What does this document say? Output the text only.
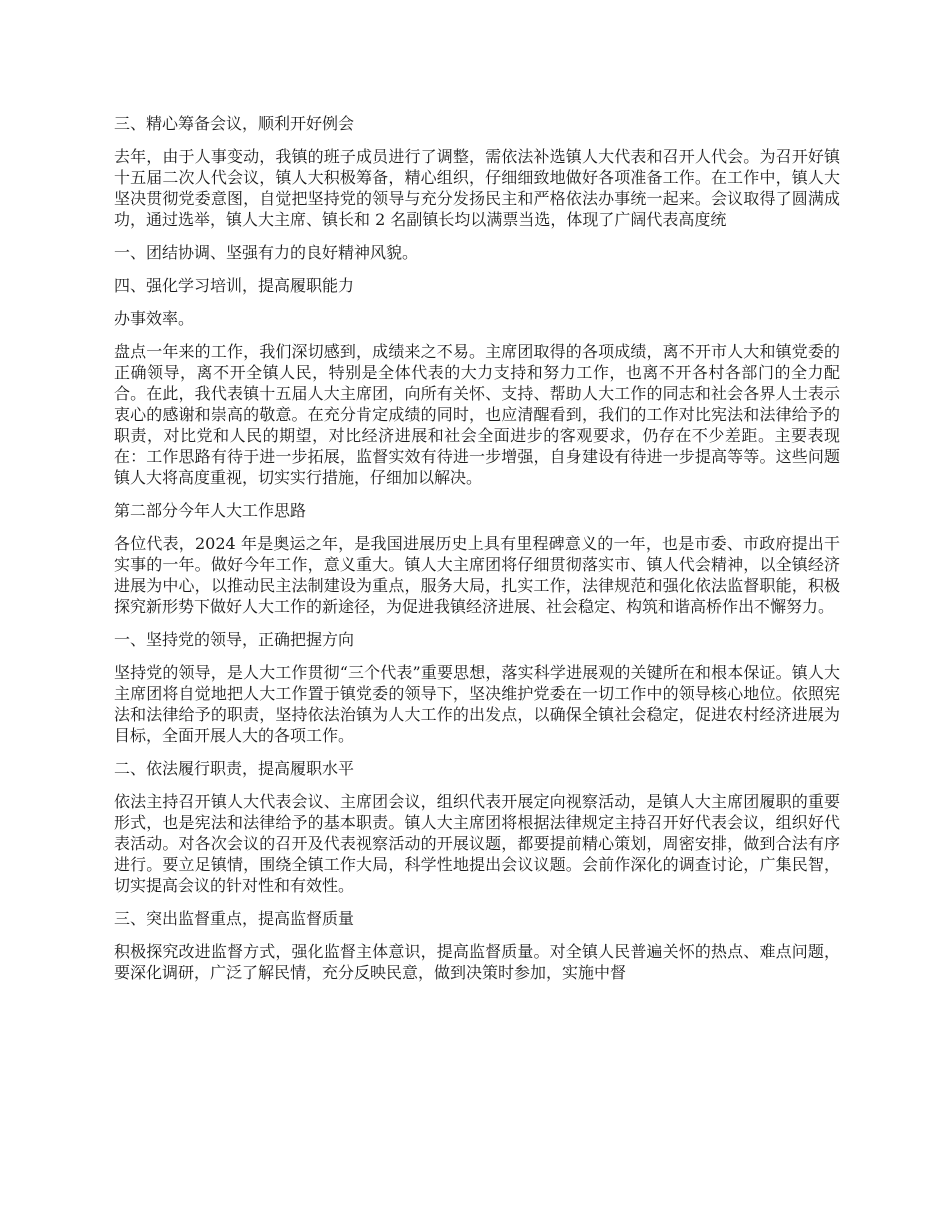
三、精心筹备会议，顺利开好例会

去年，由于人事变动，我镇的班子成员进行了调整，需依法补选镇人大代表和召开人代会。为召开好镇十五届二次人代会议，镇人大积极筹备，精心组织，仔细细致地做好各项准备工作。在工作中，镇人大坚决贯彻党委意图，自觉把坚持党的领导与充分发扬民主和严格依法办事统一起来。会议取得了圆满成功，通过选举，镇人大主席、镇长和 2 名副镇长均以满票当选，体现了广阔代表高度统

一、团结协调、坚强有力的良好精神风貌。

四、强化学习培训，提高履职能力

办事效率。

盘点一年来的工作，我们深切感到，成绩来之不易。主席团取得的各项成绩，离不开市人大和镇党委的正确领导，离不开全镇人民，特别是全体代表的大力支持和努力工作，也离不开各村各部门的全力配合。在此，我代表镇十五届人大主席团，向所有关怀、支持、帮助人大工作的同志和社会各界人士表示衷心的感谢和崇高的敬意。在充分肯定成绩的同时，也应清醒看到，我们的工作对比宪法和法律给予的职责，对比党和人民的期望，对比经济进展和社会全面进步的客观要求，仍存在不少差距。主要表现在：工作思路有待于进一步拓展，监督实效有待进一步增强，自身建设有待进一步提高等等。这些问题镇人大将高度重视，切实实行措施，仔细加以解决。

第二部分今年人大工作思路

各位代表，2024 年是奥运之年，是我国进展历史上具有里程碑意义的一年，也是市委、市政府提出干实事的一年。做好今年工作，意义重大。镇人大主席团将仔细贯彻落实市、镇人代会精神，以全镇经济进展为中心，以推动民主法制建设为重点，服务大局，扎实工作，法律规范和强化依法监督职能，积极探究新形势下做好人大工作的新途径，为促进我镇经济进展、社会稳定、构筑和谐高桥作出不懈努力。

一、坚持党的领导，正确把握方向

坚持党的领导，是人大工作贯彻“三个代表”重要思想，落实科学进展观的关键所在和根本保证。镇人大主席团将自觉地把人大工作置于镇党委的领导下，坚决维护党委在一切工作中的领导核心地位。依照宪法和法律给予的职责，坚持依法治镇为人大工作的出发点，以确保全镇社会稳定，促进农村经济进展为目标，全面开展人大的各项工作。

二、依法履行职责，提高履职水平

依法主持召开镇人大代表会议、主席团会议，组织代表开展定向视察活动，是镇人大主席团履职的重要形式，也是宪法和法律给予的基本职责。镇人大主席团将根据法律规定主持召开好代表会议，组织好代表活动。对各次会议的召开及代表视察活动的开展议题，都要提前精心策划，周密安排，做到合法有序进行。要立足镇情，围绕全镇工作大局，科学性地提出会议议题。会前作深化的调查讨论，广集民智，切实提高会议的针对性和有效性。

三、突出监督重点，提高监督质量

积极探究改进监督方式，强化监督主体意识，提高监督质量。对全镇人民普遍关怀的热点、难点问题，要深化调研，广泛了解民情，充分反映民意，做到决策时参加，实施中督
